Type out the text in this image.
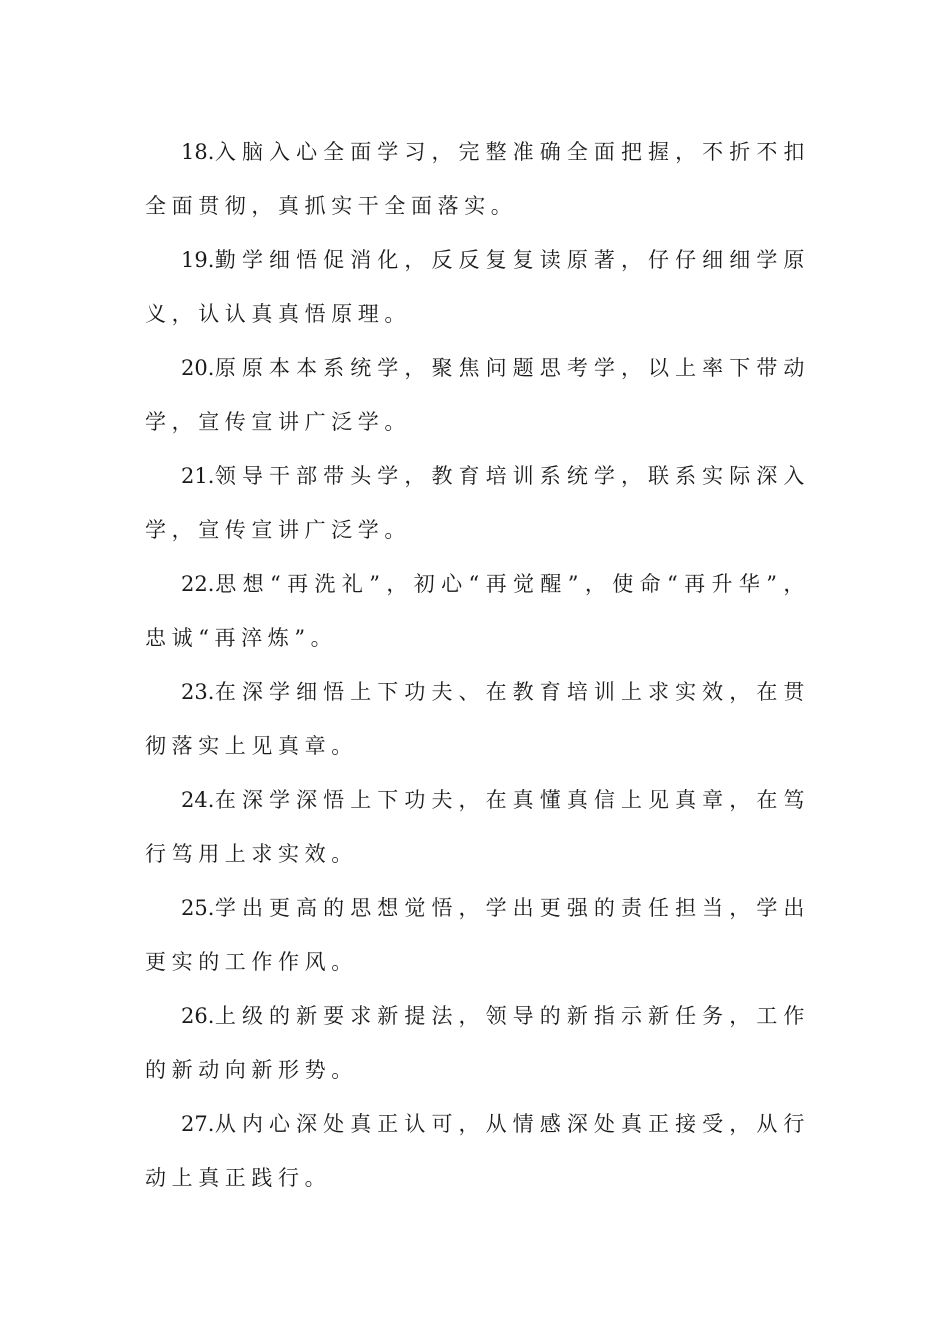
18.入脑入心全面学习，完整准确全面把握，不折不扣全面贯彻，真抓实干全面落实。

19.勤学细悟促消化，反反复复读原著，仔仔细细学原义，认认真真悟原理。

20.原原本本系统学，聚焦问题思考学，以上率下带动学，宣传宣讲广泛学。

21.领导干部带头学，教育培训系统学，联系实际深入学，宣传宣讲广泛学。

22.思想“再洗礼”，初心“再觉醒”，使命“再升华”，忠诚“再淬炼”。

23.在深学细悟上下功夫、在教育培训上求实效，在贯彻落实上见真章。

24.在深学深悟上下功夫，在真懂真信上见真章，在笃行笃用上求实效。

25.学出更高的思想觉悟，学出更强的责任担当，学出更实的工作作风。

26.上级的新要求新提法，领导的新指示新任务，工作的新动向新形势。

27.从内心深处真正认可，从情感深处真正接受，从行动上真正践行。
